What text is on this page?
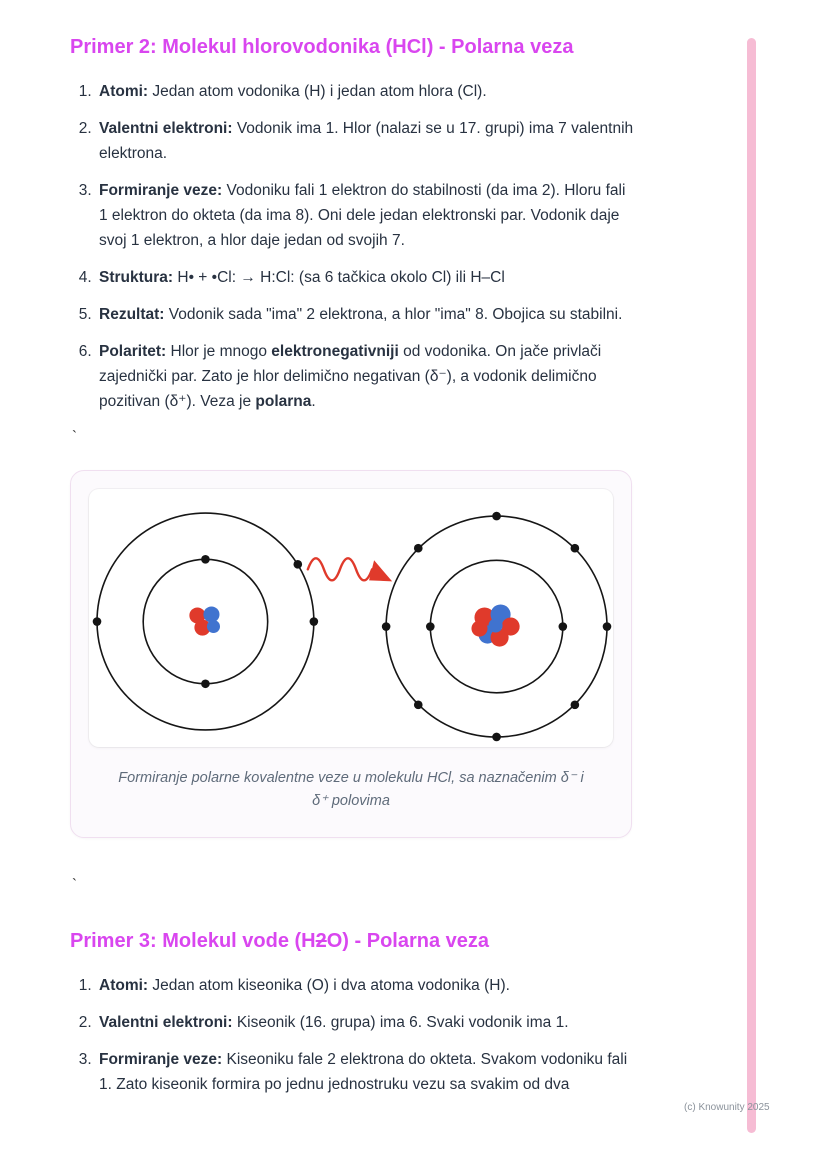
Primer 2: Molekul hlorovodonika (HCl) - Polarna veza
1. Atomi: Jedan atom vodonika (H) i jedan atom hlora (Cl).
2. Valentni elektroni: Vodonik ima 1. Hlor (nalazi se u 17. grupi) ima 7 valentnih elektrona.
3. Formiranje veze: Vodoniku fali 1 elektron do stabilnosti (da ima 2). Hloru fali 1 elektron do okteta (da ima 8). Oni dele jedan elektronski par. Vodonik daje svoj 1 elektron, a hlor daje jedan od svojih 7.
4. Struktura: H• + •Cl: → H:Cl: (sa 6 tačkica okolo Cl) ili H–Cl
5. Rezultat: Vodonik sada "ima" 2 elektrona, a hlor "ima" 8. Obojica su stabilni.
6. Polaritet: Hlor je mnogo elektronegativniji od vodonika. On jače privlači zajednički par. Zato je hlor delimično negativan (δ⁻), a vodonik delimično pozitivan (δ⁺). Veza je polarna.
`
Formiranje polarne kovalentne veze u molekulu HCl, sa naznačenim δ⁻ i δ⁺ polovima
`
Primer 3: Molekul vode (H2O) - Polarna veza
1. Atomi: Jedan atom kiseonika (O) i dva atoma vodonika (H).
2. Valentni elektroni: Kiseonik (16. grupa) ima 6. Svaki vodonik ima 1.
3. Formiranje veze: Kiseoniku fale 2 elektrona do okteta. Svakom vodoniku fali 1. Zato kiseonik formira po jednu jednostruku vezu sa svakim od dva
(c) Knowunity 2025
